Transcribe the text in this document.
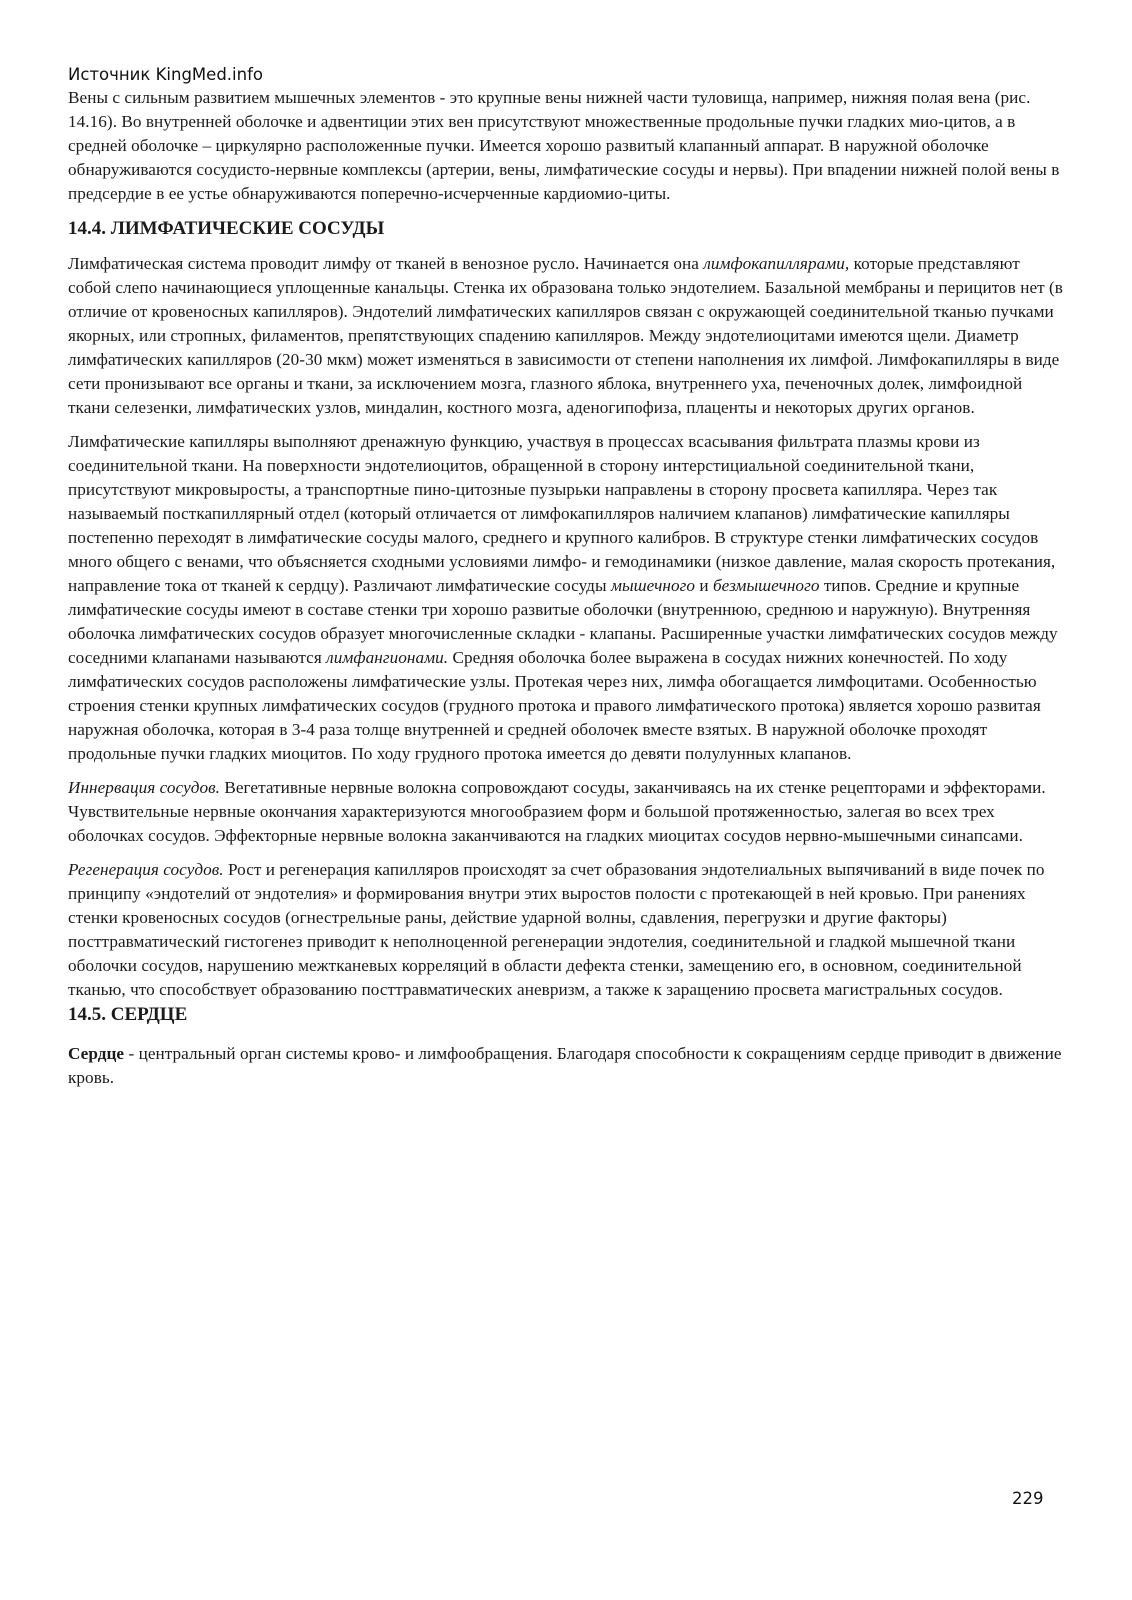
Источник KingMed.info

Вены с сильным развитием мышечных элементов - это крупные вены нижней части туловища, например, нижняя полая вена (рис. 14.16). Во внутренней оболочке и адвентиции этих вен присутствуют множественные продольные пучки гладких мио-цитов, а в средней оболочке – циркулярно расположенные пучки. Имеется хорошо развитый клапанный аппарат. В наружной оболочке обнаруживаются сосудисто-нервные комплексы (артерии, вены, лимфатические сосуды и нервы). При впадении нижней полой вены в предсердие в ее устье обнаруживаются поперечно-исчерченные кардиомио-циты.

14.4. ЛИМФАТИЧЕСКИЕ СОСУДЫ

Лимфатическая система проводит лимфу от тканей в венозное русло. Начинается она лимфокапиллярами, которые представляют собой слепо начинающиеся уплощенные канальцы. Стенка их образована только эндотелием. Базальной мембраны и перицитов нет (в отличие от кровеносных капилляров). Эндотелий лимфатических капилляров связан с окружающей соединительной тканью пучками якорных, или стропных, филаментов, препятствующих спадению капилляров. Между эндотелиоцитами имеются щели. Диаметр лимфатических капилляров (20-30 мкм) может изменяться в зависимости от степени наполнения их лимфой. Лимфокапилляры в виде сети пронизывают все органы и ткани, за исключением мозга, глазного яблока, внутреннего уха, печеночных долек, лимфоидной ткани селезенки, лимфатических узлов, миндалин, костного мозга, аденогипофиза, плаценты и некоторых других органов.

Лимфатические капилляры выполняют дренажную функцию, участвуя в процессах всасывания фильтрата плазмы крови из соединительной ткани. На поверхности эндотелиоцитов, обращенной в сторону интерстициальной соединительной ткани, присутствуют микровыросты, а транспортные пино-цитозные пузырьки направлены в сторону просвета капилляра. Через так называемый посткапиллярный отдел (который отличается от лимфокапилляров наличием клапанов) лимфатические капилляры постепенно переходят в лимфатические сосуды малого, среднего и крупного калибров. В структуре стенки лимфатических сосудов много общего с венами, что объясняется сходными условиями лимфо- и гемодинамики (низкое давление, малая скорость протекания, направление тока от тканей к сердцу). Различают лимфатические сосуды мышечного и безмышечного типов. Средние и крупные лимфатические сосуды имеют в составе стенки три хорошо развитые оболочки (внутреннюю, среднюю и наружную). Внутренняя оболочка лимфатических сосудов образует многочисленные складки - клапаны. Расширенные участки лимфатических сосудов между соседними клапанами называются лимфангионами. Средняя оболочка более выражена в сосудах нижних конечностей. По ходу лимфатических сосудов расположены лимфатические узлы. Протекая через них, лимфа обогащается лимфоцитами. Особенностью строения стенки крупных лимфатических сосудов (грудного протока и правого лимфатического протока) является хорошо развитая наружная оболочка, которая в 3-4 раза толще внутренней и средней оболочек вместе взятых. В наружной оболочке проходят продольные пучки гладких миоцитов. По ходу грудного протока имеется до девяти полулунных клапанов.

Иннервация сосудов. Вегетативные нервные волокна сопровождают сосуды, заканчиваясь на их стенке рецепторами и эффекторами. Чувствительные нервные окончания характеризуются многообразием форм и большой протяженностью, залегая во всех трех оболочках сосудов. Эффекторные нервные волокна заканчиваются на гладких миоцитах сосудов нервно-мышечными синапсами.

Регенерация сосудов. Рост и регенерация капилляров происходят за счет образования эндотелиальных выпячиваний в виде почек по принципу «эндотелий от эндотелия» и формирования внутри этих выростов полости с протекающей в ней кровью. При ранениях стенки кровеносных сосудов (огнестрельные раны, действие ударной волны, сдавления, перегрузки и другие факторы) посттравматический гистогенез приводит к неполноценной регенерации эндотелия, соединительной и гладкой мышечной ткани оболочки сосудов, нарушению межтканевых корреляций в области дефекта стенки, замещению его, в основном, соединительной тканью, что способствует образованию посттравматических аневризм, а также к заращению просвета магистральных сосудов.

14.5. СЕРДЦЕ

Сердце - центральный орган системы крово- и лимфообращения. Благодаря способности к сокращениям сердце приводит в движение кровь.

229
